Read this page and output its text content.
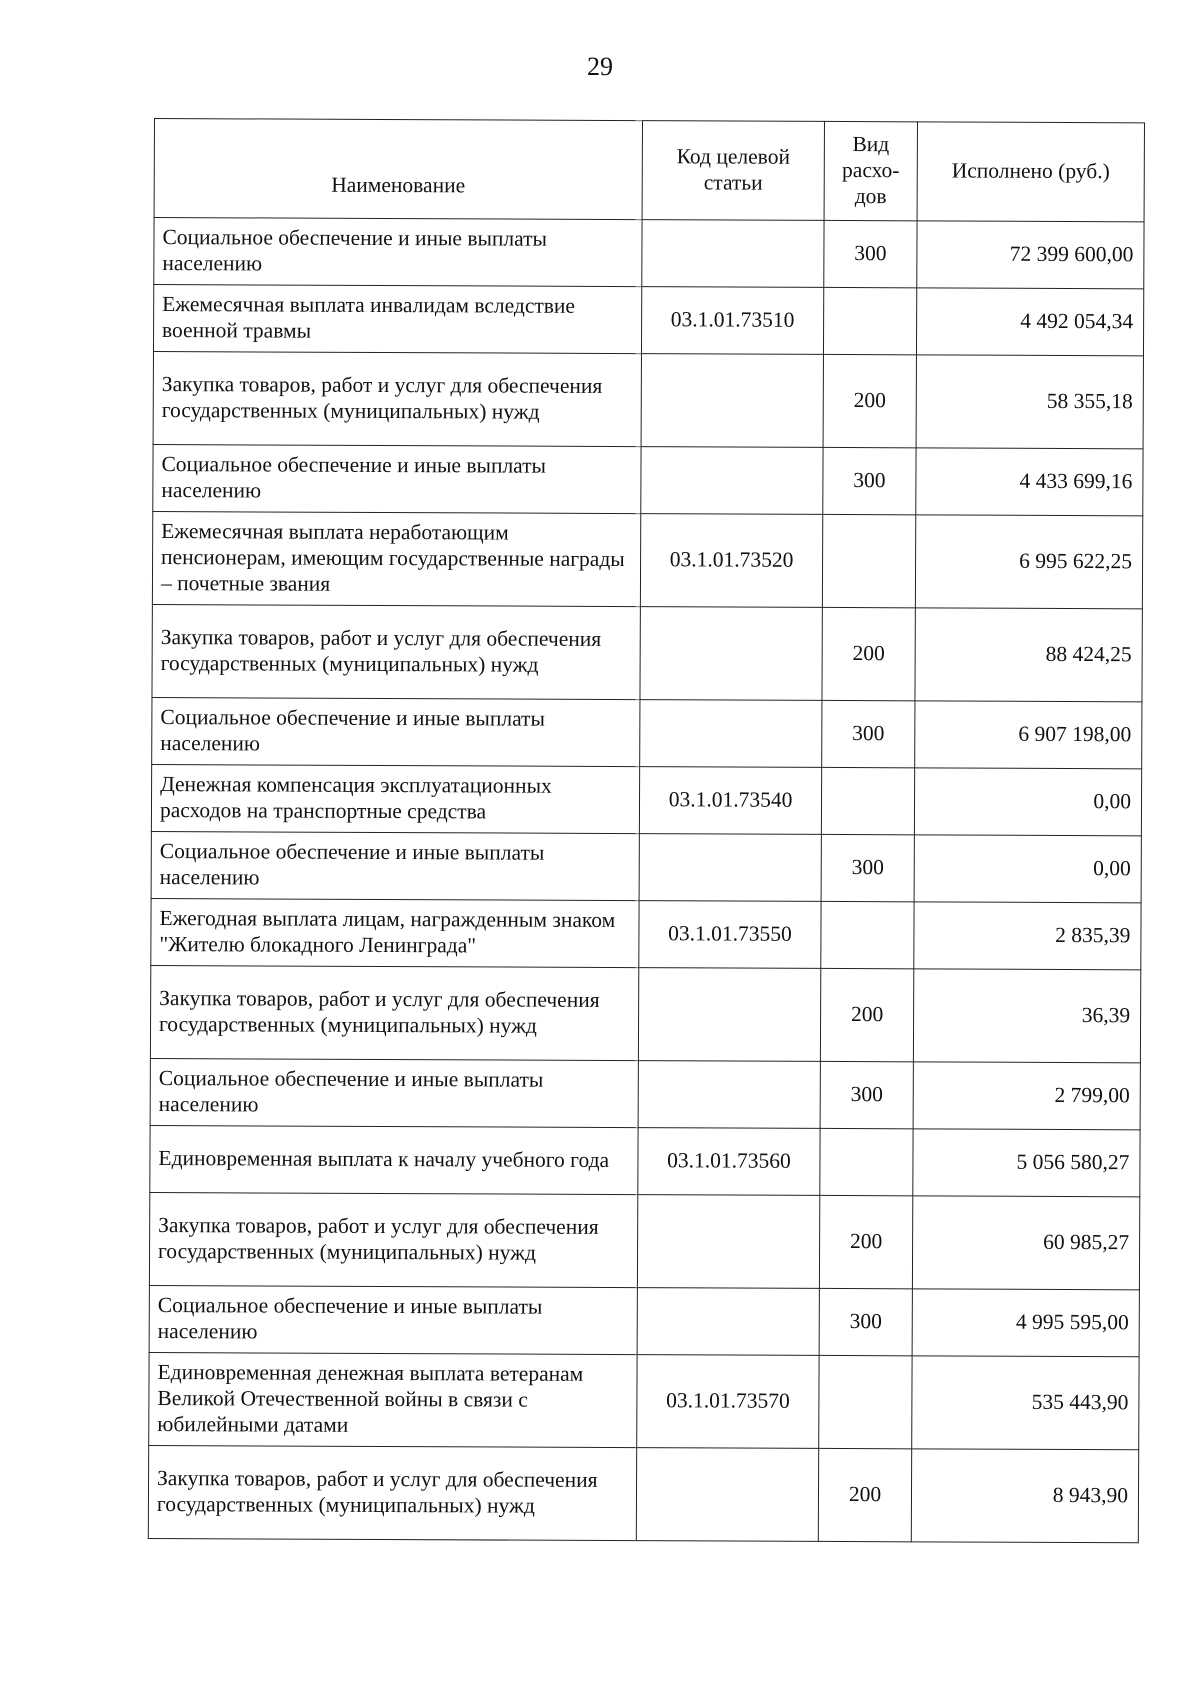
29
Наименование	Код целевой статьи	Вид расхо-дов	Исполнено (руб.)
Социальное обеспечение и иные выплаты населению		300	72 399 600,00
Ежемесячная выплата инвалидам вследствие военной травмы	03.1.01.73510		4 492 054,34
Закупка товаров, работ и услуг для обеспечения государственных (муниципальных) нужд		200	58 355,18
Социальное обеспечение и иные выплаты населению		300	4 433 699,16
Ежемесячная выплата неработающим пенсионерам, имеющим государственные награды – почетные звания	03.1.01.73520		6 995 622,25
Закупка товаров, работ и услуг для обеспечения государственных (муниципальных) нужд		200	88 424,25
Социальное обеспечение и иные выплаты населению		300	6 907 198,00
Денежная компенсация эксплуатационных расходов на транспортные средства	03.1.01.73540		0,00
Социальное обеспечение и иные выплаты населению		300	0,00
Ежегодная выплата лицам, награжденным знаком "Жителю блокадного Ленинграда"	03.1.01.73550		2 835,39
Закупка товаров, работ и услуг для обеспечения государственных (муниципальных) нужд		200	36,39
Социальное обеспечение и иные выплаты населению		300	2 799,00
Единовременная выплата к началу учебного года	03.1.01.73560		5 056 580,27
Закупка товаров, работ и услуг для обеспечения государственных (муниципальных) нужд		200	60 985,27
Социальное обеспечение и иные выплаты населению		300	4 995 595,00
Единовременная денежная выплата ветеранам Великой Отечественной войны в связи с юбилейными датами	03.1.01.73570		535 443,90
Закупка товаров, работ и услуг для обеспечения государственных (муниципальных) нужд		200	8 943,90
